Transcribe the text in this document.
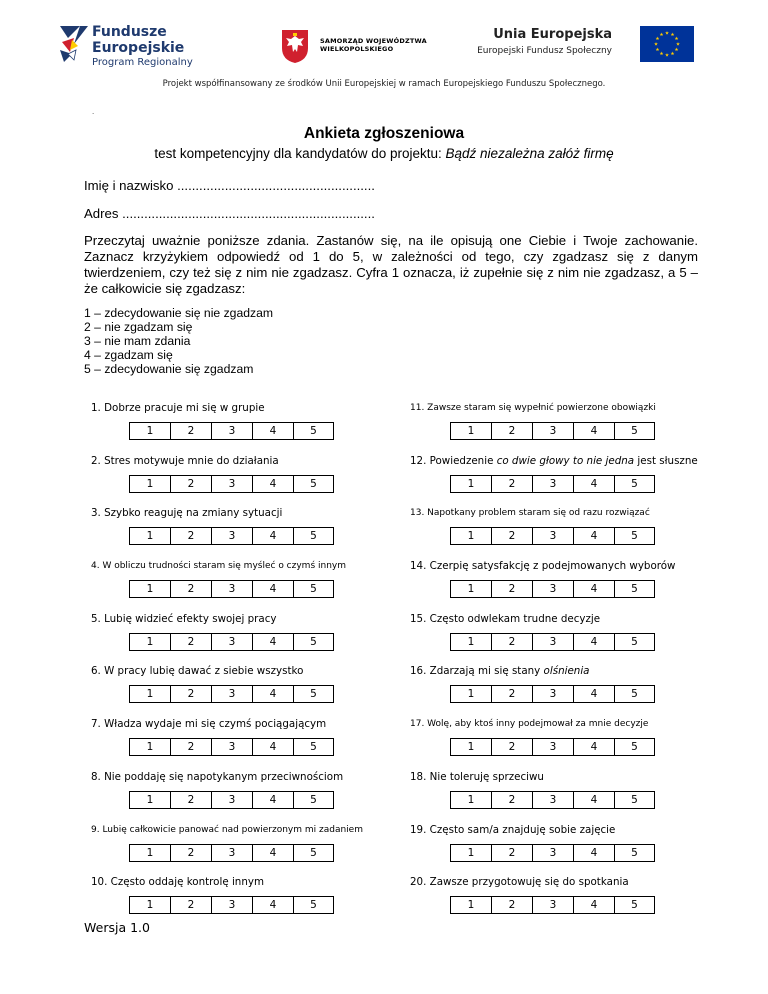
Fundusze
Europejskie
Program Regionalny
SAMORZĄD WOJEWÓDZTWA
WIELKOPOLSKIEGO
Unia Europejska
Europejski Fundusz Społeczny
Projekt współfinansowany ze środków Unii Europejskiej w ramach Europejskiego Funduszu Społecznego.
.
Ankieta zgłoszeniowa
test kompetencyjny dla kandydatów do projektu: Bądź niezależna załóż firmę
Imię i nazwisko ......................................................
Adres .....................................................................
Przeczytaj uważnie poniższe zdania. Zastanów się, na ile opisują one Ciebie i Twoje zachowanie. Zaznacz krzyżykiem odpowiedź od 1 do 5, w zależności od tego, czy zgadzasz się z danym twierdzeniem, czy też się z nim nie zgadzasz. Cyfra 1 oznacza, iż zupełnie się z nim nie zgadzasz, a 5 – że całkowicie się zgadzasz:
1 – zdecydowanie się nie zgadzam
2 – nie zgadzam się
3 – nie mam zdania
4 – zgadzam się
5 – zdecydowanie się zgadzam
1. Dobrze pracuje mi się w grupie
1	2	3	4	5
2. Stres motywuje mnie do działania
1	2	3	4	5
3. Szybko reaguję na zmiany sytuacji
1	2	3	4	5
4. W obliczu trudności staram się myśleć o czymś innym
1	2	3	4	5
5. Lubię widzieć efekty swojej pracy
1	2	3	4	5
6. W pracy lubię dawać z siebie wszystko
1	2	3	4	5
7. Władza wydaje mi się czymś pociągającym
1	2	3	4	5
8. Nie poddaję się napotykanym przeciwnościom
1	2	3	4	5
9. Lubię całkowicie panować nad powierzonym mi zadaniem
1	2	3	4	5
10. Często oddaję kontrolę innym
1	2	3	4	5
11. Zawsze staram się wypełnić powierzone obowiązki
1	2	3	4	5
12. Powiedzenie co dwie głowy to nie jedna jest słuszne
1	2	3	4	5
13. Napotkany problem staram się od razu rozwiązać
1	2	3	4	5
14. Czerpię satysfakcję z podejmowanych wyborów
1	2	3	4	5
15. Często odwlekam trudne decyzje
1	2	3	4	5
16. Zdarzają mi się stany olśnienia
1	2	3	4	5
17. Wolę, aby ktoś inny podejmował za mnie decyzje
1	2	3	4	5
18. Nie toleruję sprzeciwu
1	2	3	4	5
19. Często sam/a znajduję sobie zajęcie
1	2	3	4	5
20. Zawsze przygotowuję się do spotkania
1	2	3	4	5
Wersja 1.0
